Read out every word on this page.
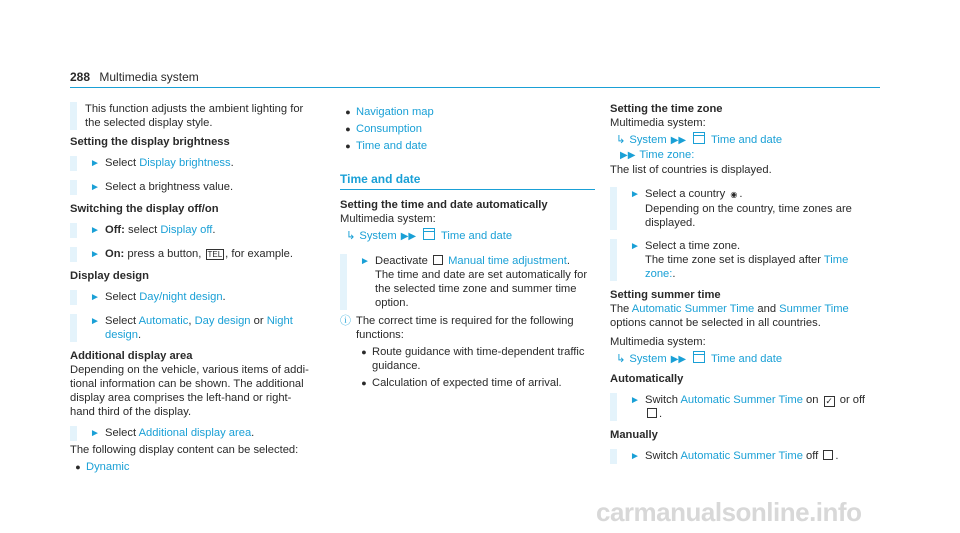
288 Multimedia system

This function adjusts the ambient lighting for

the selected display style.

Setting the display brightness

► Select Display brightness.
► Select a brightness value.

Switching the display off/on

► Off: select Display off.
► On: press a button, TEL , for example.

Display design

► Select Day/night design.
► Select Automatic, Day design or Night
design.

Additional display area

Depending on the vehicle, various items of addi-

tional information can be shown. The additional

display area comprises the left-hand or right-

hand third of the display.

► Select Additional display area.

The following display content can be selected:

● Dynamic
● Navigation map
● Consumption
● Time and date

Time and date

Setting the time and date automatically

Multimedia system:

↳ System ▶▶ Time and date
► Deactivate Manual time adjustment.
The time and date are set automatically for
the selected time zone and summer time
option.
ⓘ The correct time is required for the following
functions:
● Route guidance with time-dependent traffic guidance.
● Calculation of expected time of arrival.

Setting the time zone

Multimedia system:

↳ System ▶▶ Time and date
▶▶ Time zone:

The list of countries is displayed.

► Select a country ◉ .
Depending on the country, time zones are
displayed.
► Select a time zone.
The time zone set is displayed after Time
zone:.

Setting summer time

The Automatic Summer Time and Summer Time

options cannot be selected in all countries.

Multimedia system:

↳ System ▶▶ Time and date

Automatically

► Switch Automatic Summer Time on ✓ or off
.

Manually

► Switch Automatic Summer Time off .
carmanualsonline.info
